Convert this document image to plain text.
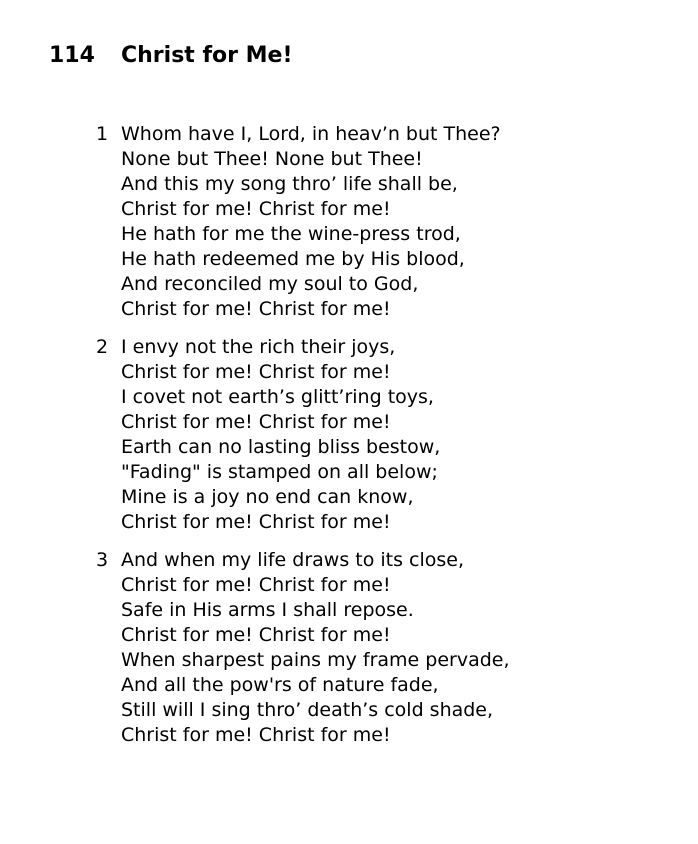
114 Christ for Me!
1 Whom have I, Lord, in heav’n but Thee?
None but Thee! None but Thee!
And this my song thro’ life shall be,
Christ for me! Christ for me!
He hath for me the wine-press trod,
He hath redeemed me by His blood,
And reconciled my soul to God,
Christ for me! Christ for me!
2 I envy not the rich their joys,
Christ for me! Christ for me!
I covet not earth’s glitt’ring toys,
Christ for me! Christ for me!
Earth can no lasting bliss bestow,
"Fading" is stamped on all below;
Mine is a joy no end can know,
Christ for me! Christ for me!
3 And when my life draws to its close,
Christ for me! Christ for me!
Safe in His arms I shall repose.
Christ for me! Christ for me!
When sharpest pains my frame pervade,
And all the pow'rs of nature fade,
Still will I sing thro’ death’s cold shade,
Christ for me! Christ for me!
